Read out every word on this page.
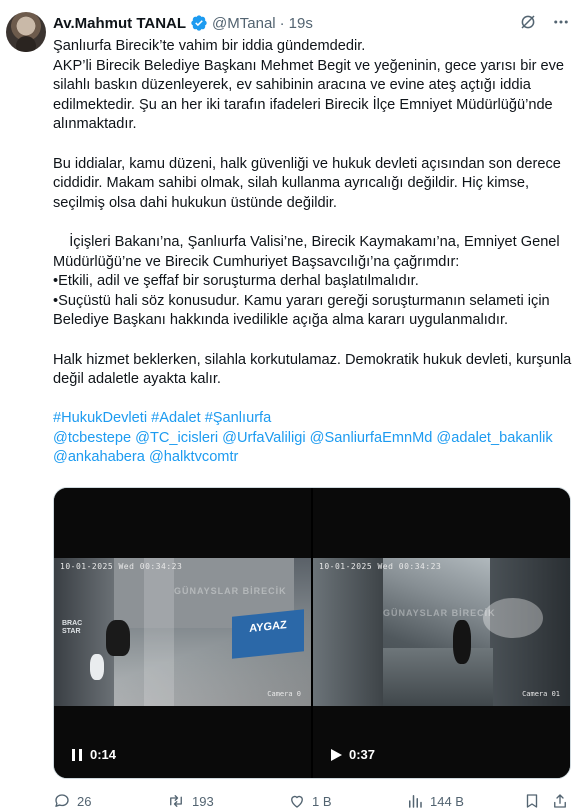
Av.Mahmut TANAL @MTanal · 19s

Şanlıurfa Birecik’te vahim bir iddia gündemdedir.
AKP’li Birecik Belediye Başkanı Mehmet Begit ve yeğeninin, gece yarısı bir eve silahlı baskın düzenleyerek, ev sahibinin aracına ve evine ateş açtığı iddia edilmektedir. Şu an her iki tarafın ifadeleri Birecik İlçe Emniyet Müdürlüğü’nde alınmaktadır.

Bu iddialar, kamu düzeni, halk güvenliği ve hukuk devleti açısından son derece ciddidir. Makam sahibi olmak, silah kullanma ayrıcalığı değildir. Hiç kimse, seçilmiş olsa dahi hukukun üstünde değildir.

İçişleri Bakanı’na, Şanlıurfa Valisi’ne, Birecik Kaymakamı’na, Emniyet Genel Müdürlüğü’ne ve Birecik Cumhuriyet Başsavcılığı’na çağrımdır:
•Etkili, adil ve şeffaf bir soruşturma derhal başlatılmalıdır.
•Suçüstü hali söz konusudur. Kamu yararı gereği soruşturmanın selameti için Belediye Başkanı hakkında ivedilikle açığa alma kararı uygulanmalıdır.

Halk hizmet beklerken, silahla korkutulamaz. Demokratik hukuk devleti, kurşunla değil adaletle ayakta kalır.

#HukukDevleti #Adalet #Şanlıurfa

@tcbestepe @TC_icisleri @UrfaValiligi @SanliurfaEmnMd @adalet_bakanlik @ankahabera @halktvcomtr

AYGAZ
BRAC STAR
GÜNAYSLAR BİRECİK
10-01-2025 Wed 00:34:23
Camera 0
0:14
GÜNAYSLAR BİRECİK
10-01-2025 Wed 00:34:23
Camera 01
0:37
26	193	1 B	144 B
